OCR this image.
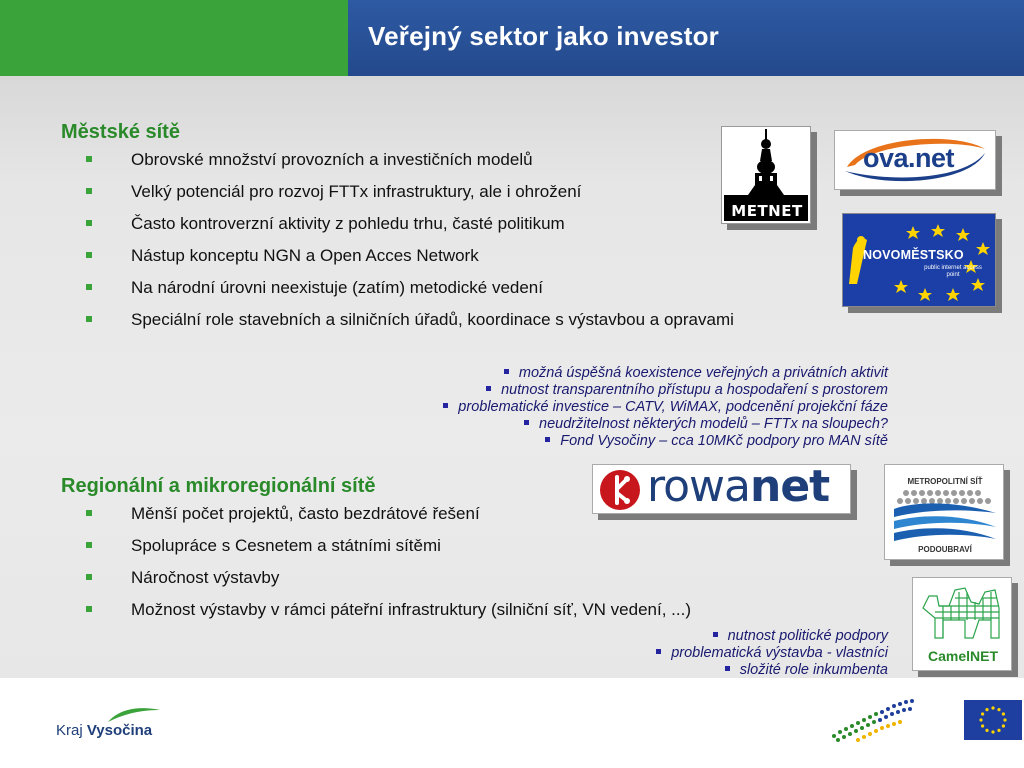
Veřejný sektor jako investor
Městské sítě
Obrovské množství provozních a investičních modelů
Velký potenciál pro rozvoj FTTx infrastruktury, ale i ohrožení
Často kontroverzní aktivity z pohledu trhu, časté politikum
Nástup konceptu NGN a Open Acces Network
Na národní úrovni neexistuje (zatím) metodické vedení
Speciální role stavebních a silničních úřadů, koordinace s výstavbou a opravami
možná úspěšná koexistence veřejných a privátních aktivit
nutnost transparentního přístupu a hospodaření s prostorem
problematické investice – CATV, WiMAX, podcenění projekční fáze
neudržitelnost některých modelů – FTTx na sloupech?
Fond Vysočiny – cca 10MKč podpory pro MAN sítě
Regionální a mikroregionální sítě
Měnší počet projektů, často bezdrátové řešení
Spolupráce s Cesnetem a státními sítěmi
Náročnost výstavby
Možnost výstavby v rámci páteřní infrastruktury (silniční síť, VN vedení, ...)
nutnost politické podpory
problematická výstavba - vlastníci
složité role inkumbenta
METNET
ova.net
NOVOMĚSTSKO
public internet access point
rowanet	METROPOLITNÍ SÍŤ
PODOUBRAVÍ
CamelNET
Kraj Vysočina
